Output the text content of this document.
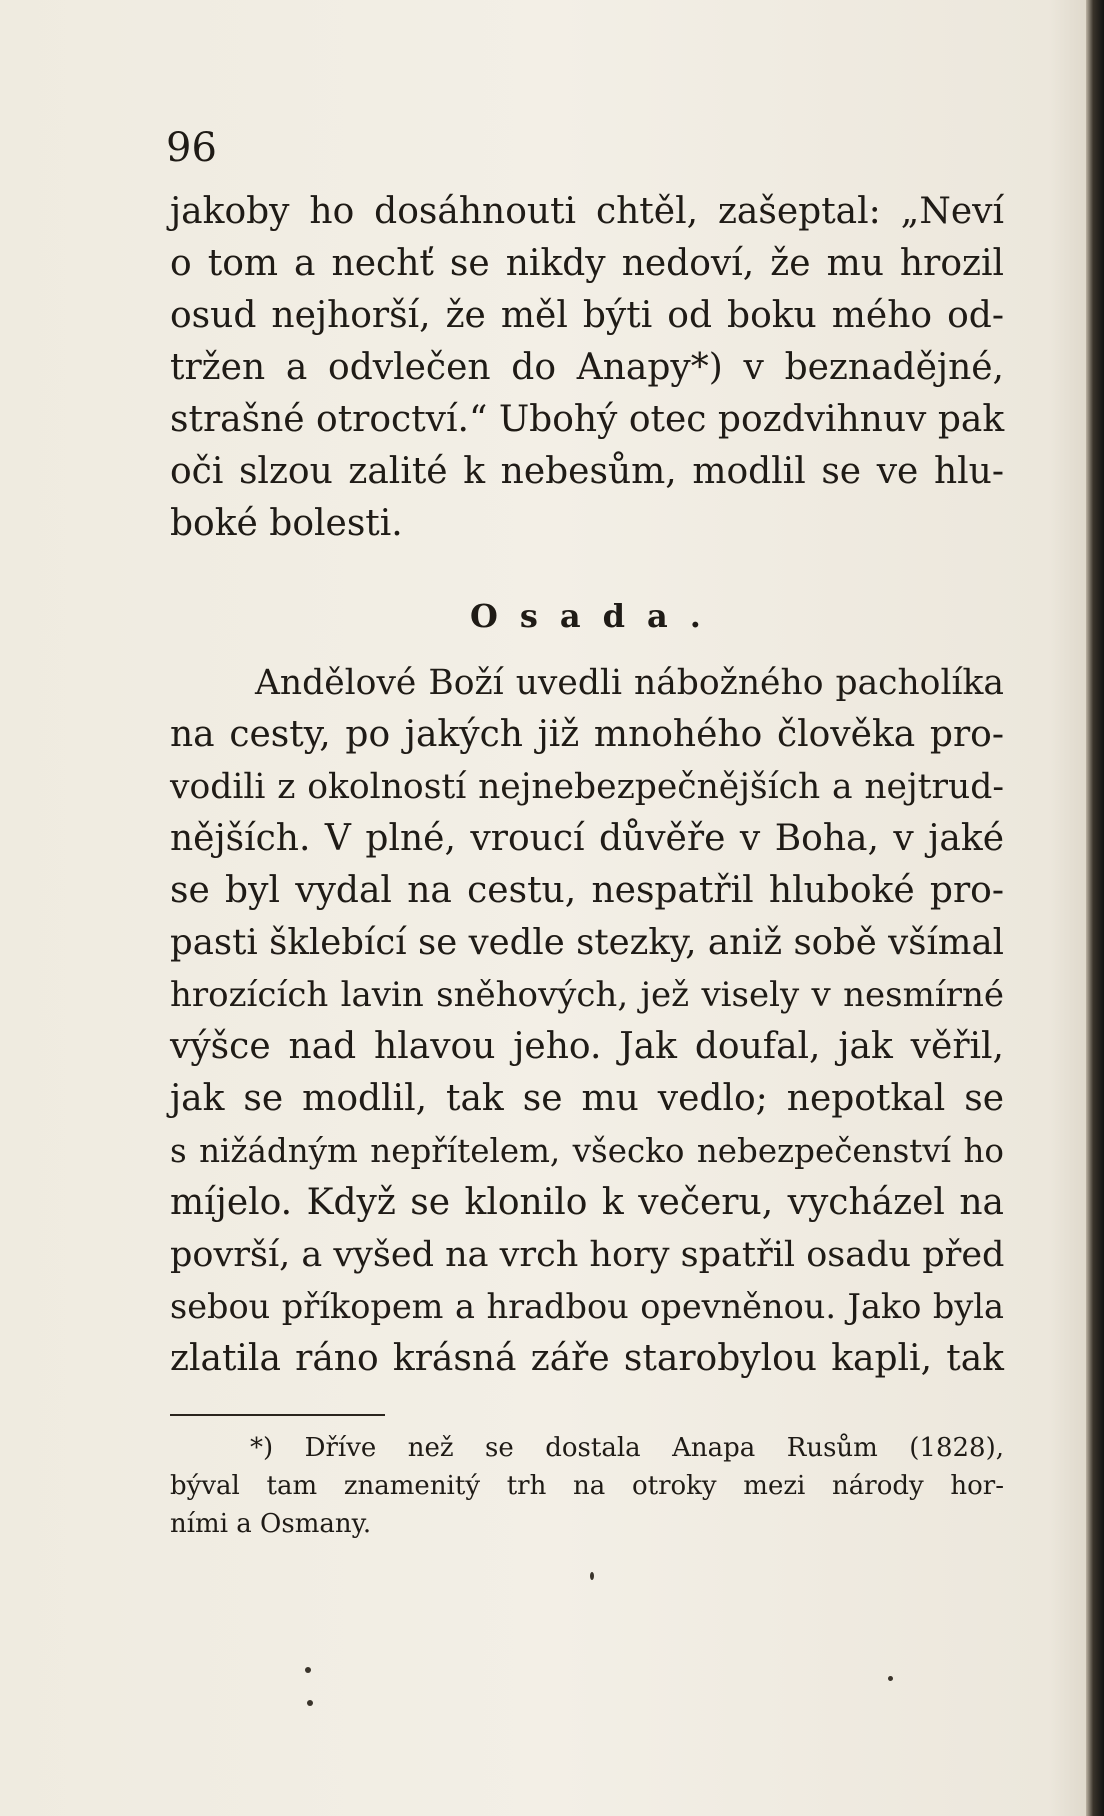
96
jakoby ho dosáhnouti chtěl, zašeptal: „Neví
o tom a nechť se nikdy nedoví, že mu hrozil
osud nejhorší, že měl býti od boku mého od-
tržen a odvlečen do Anapy*) v beznadějné,
strašné otroctví.“ Ubohý otec pozdvihnuv pak
oči slzou zalité k nebesům, modlil se ve hlu-
boké bolesti.
Osada.
Andělové Boží uvedli nábožného pacholíka
na cesty, po jakých již mnohého člověka pro-
vodili z okolností nejnebezpečnějších a nejtrud-
nějších. V plné, vroucí důvěře v Boha, v jaké
se byl vydal na cestu, nespatřil hluboké pro-
pasti šklebící se vedle stezky, aniž sobě všímal
hrozících lavin sněhových, jež visely v nesmírné
výšce nad hlavou jeho. Jak doufal, jak věřil,
jak se modlil, tak se mu vedlo; nepotkal se
s nižádným nepřítelem, všecko nebezpečenství ho
míjelo. Když se klonilo k večeru, vycházel na
površí, a vyšed na vrch hory spatřil osadu před
sebou příkopem a hradbou opevněnou. Jako byla
zlatila ráno krásná záře starobylou kapli, tak
*) Dříve než se dostala Anapa Rusům (1828),
býval tam znamenitý trh na otroky mezi národy hor-
ními a Osmany.
